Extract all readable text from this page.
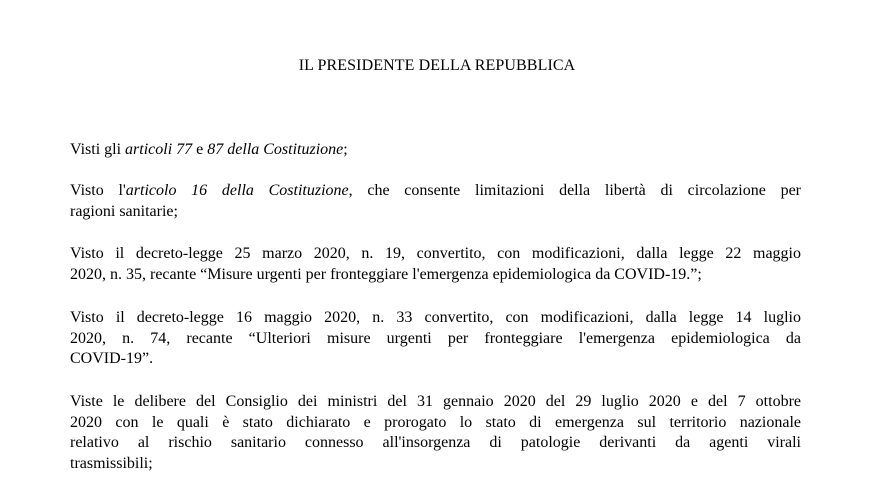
IL PRESIDENTE DELLA REPUBBLICA
Visti gli articoli 77 e 87 della Costituzione;
Visto l'articolo 16 della Costituzione, che consente limitazioni della libertà di circolazione per
ragioni sanitarie;
Visto il decreto-legge 25 marzo 2020, n. 19, convertito, con modificazioni, dalla legge 22 maggio
2020, n. 35, recante “Misure urgenti per fronteggiare l'emergenza epidemiologica da COVID-19.”;
Visto il decreto-legge 16 maggio 2020, n. 33 convertito, con modificazioni, dalla legge 14 luglio
2020, n. 74, recante “Ulteriori misure urgenti per fronteggiare l'emergenza epidemiologica da
COVID-19”.
Viste le delibere del Consiglio dei ministri del 31 gennaio 2020 del 29 luglio 2020 e del 7 ottobre
2020 con le quali è stato dichiarato e prorogato lo stato di emergenza sul territorio nazionale
relativo al rischio sanitario connesso all'insorgenza di patologie derivanti da agenti virali
trasmissibili;
